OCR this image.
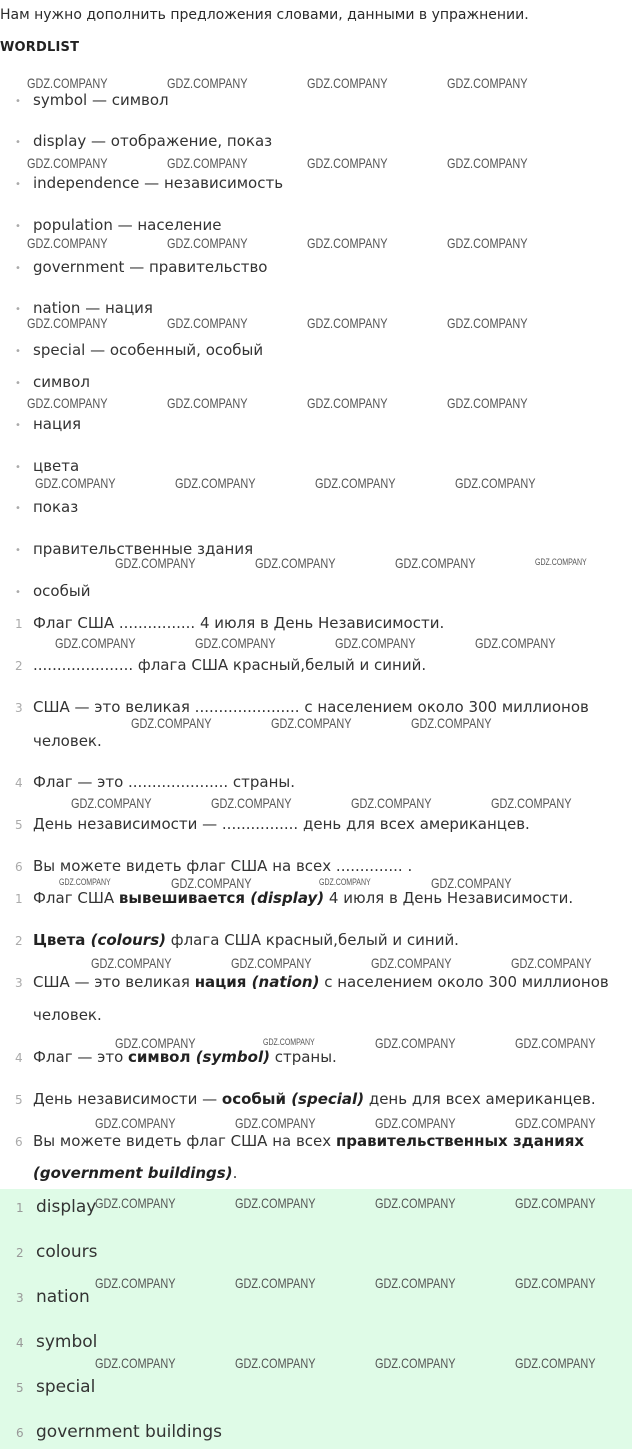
Нам нужно дополнить предложения словами, данными в упражнении.
WORDLIST
• symbol — символ
• display — отображение, показ
• independence — независимость
• population — население
• government — правительство
• nation — нация
• special — особенный, особый
• символ
• нация
• цвета
• показ
• правительственные здания
• особый
1 Флаг США ................ 4 июля в День Независимости.
2 ..................... флага США красный,белый и синий.
3 США — это великая ...................... с населением около 300 миллионов
человек.
4 Флаг — это ..................... страны.
5 День независимости — ................ день для всех американцев.
6 Вы можете видеть флаг США на всех .............. .
1 Флаг США вывешивается (display) 4 июля в День Независимости.
2 Цвета (colours) флага США красный,белый и синий.
3 США — это великая нация (nation) с населением около 300 миллионов
человек.
4 Флаг — это символ (symbol) страны.
5 День независимости — особый (special) день для всех американцев.
6 Вы можете видеть флаг США на всех правительственных зданиях
(government buildings).
1 display
2 colours
3 nation
4 symbol
5 special
6 government buildings
GDZ.COMPANY	GDZ.COMPANY	GDZ.COMPANY	GDZ.COMPANY
GDZ.COMPANY	GDZ.COMPANY	GDZ.COMPANY	GDZ.COMPANY
GDZ.COMPANY	GDZ.COMPANY	GDZ.COMPANY	GDZ.COMPANY
GDZ.COMPANY	GDZ.COMPANY	GDZ.COMPANY	GDZ.COMPANY
GDZ.COMPANY	GDZ.COMPANY	GDZ.COMPANY	GDZ.COMPANY
GDZ.COMPANY	GDZ.COMPANY	GDZ.COMPANY	GDZ.COMPANY
GDZ.COMPANY	GDZ.COMPANY	GDZ.COMPANY
GDZ.COMPANY	GDZ.COMPANY	GDZ.COMPANY	GDZ.COMPANY
GDZ.COMPANY	GDZ.COMPANY	GDZ.COMPANY
GDZ.COMPANY	GDZ.COMPANY	GDZ.COMPANY	GDZ.COMPANY
GDZ.COMPANY	GDZ.COMPANY
GDZ.COMPANY	GDZ.COMPANY	GDZ.COMPANY	GDZ.COMPANY
GDZ.COMPANY	GDZ.COMPANY	GDZ.COMPANY
GDZ.COMPANY	GDZ.COMPANY	GDZ.COMPANY	GDZ.COMPANY
GDZ.COMPANY	GDZ.COMPANY	GDZ.COMPANY	GDZ.COMPANY
GDZ.COMPANY	GDZ.COMPANY	GDZ.COMPANY	GDZ.COMPANY
GDZ.COMPANY	GDZ.COMPANY	GDZ.COMPANY	GDZ.COMPANY
GDZ.COMPANY
GDZ.COMPANY	GDZ.COMPANY
GDZ.COMPANY
